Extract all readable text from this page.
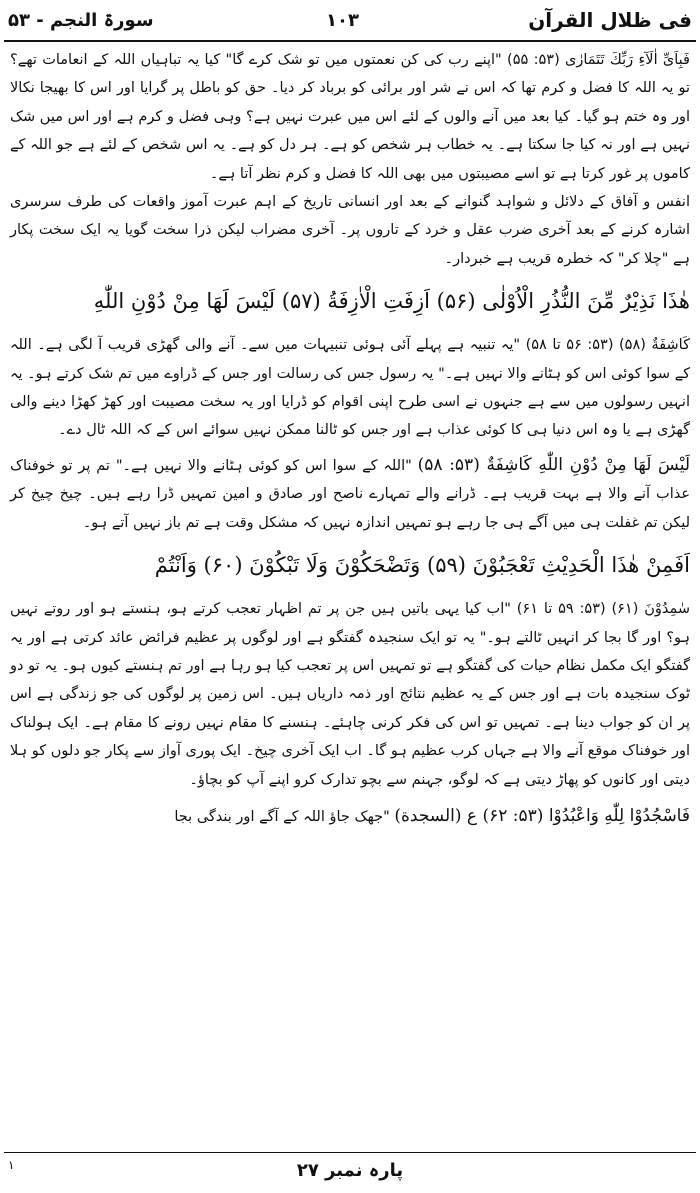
فی ظلال القرآن
۱۰۳
سورۃ النجم - ۵۳

فَبِاَیِّ اٰلَآءِ رَبِّكَ تَتَمَارٰی (۵۳: ۵۵) "اپنے رب کی کن نعمتوں میں تو شک کرے گا" کیا یہ تباہیاں اللہ کے انعامات تھے؟ تو یہ اللہ کا فضل و کرم تھا کہ اس نے شر اور برائی کو برباد کر دیا۔ حق کو باطل پر گرایا اور اس کا بھیجا نکالا اور وہ ختم ہو گیا۔ کیا بعد میں آنے والوں کے لئے اس میں عبرت نہیں ہے؟ وہی فضل و کرم ہے اور اس میں شک نہیں ہے اور نہ کیا جا سکتا ہے۔ یہ خطاب ہر شخص کو ہے۔ ہر دل کو ہے۔ یہ اس شخص کے لئے ہے جو اللہ کے کاموں پر غور کرتا ہے تو اسے مصیبتوں میں بھی اللہ کا فضل و کرم نظر آتا ہے۔

انفس و آفاق کے دلائل و شواہد گنوانے کے بعد اور انسانی تاریخ کے اہم عبرت آموز واقعات کی طرف سرسری اشارہ کرنے کے بعد آخری ضرب عقل و خرد کے تاروں پر۔ آخری مضراب لیکن ذرا سخت گویا یہ ایک سخت پکار ہے "چلا کر" کہ خطرہ قریب ہے خبردار۔

هٰذَا نَذِيْرٌ مِّنَ النُّذُرِ الْاُوْلٰى (۵۶) اَزِفَتِ الْاٰزِفَةُ (۵۷) لَيْسَ لَهَا مِنْ دُوْنِ اللّٰهِ

كَاشِفَةٌ (۵۸) (۵۳: ۵۶ تا ۵۸) "یہ تنبیہ ہے پہلے آئی ہوئی تنبیہات میں سے۔ آنے والی گھڑی قریب آ لگی ہے۔ اللہ کے سوا کوئی اس کو ہٹانے والا نہیں ہے۔" یہ رسول جس کی رسالت اور جس کے ڈراوے میں تم شک کرتے ہو۔ یہ انہیں رسولوں میں سے ہے جنہوں نے اسی طرح اپنی اقوام کو ڈرایا اور یہ سخت مصیبت اور کھڑ کھڑا دینے والی گھڑی ہے یا وہ اس دنیا ہی کا کوئی عذاب ہے اور جس کو ٹالنا ممکن نہیں سوائے اس کے کہ اللہ ٹال دے۔

لَيْسَ لَهَا مِنْ دُوْنِ اللّٰهِ كَاشِفَةٌ (۵۳: ۵۸) "اللہ کے سوا اس کو کوئی ہٹانے والا نہیں ہے۔" تم پر تو خوفناک عذاب آنے والا ہے بہت قریب ہے۔ ڈرانے والے تمہارے ناصح اور صادق و امین تمہیں ڈرا رہے ہیں۔ چیخ چیخ کر لیکن تم غفلت ہی میں آگے ہی جا رہے ہو تمہیں اندازہ نہیں کہ مشکل وقت ہے تم باز نہیں آتے ہو۔

اَفَمِنْ هٰذَا الْحَدِيْثِ تَعْجَبُوْنَ (۵۹) وَتَضْحَكُوْنَ وَلَا تَبْكُوْنَ (۶۰) وَاَنْتُمْ

سٰمِدُوْنَ (۶۱) (۵۳: ۵۹ تا ۶۱) "اب کیا یہی باتیں ہیں جن پر تم اظہار تعجب کرتے ہو، ہنستے ہو اور روتے نہیں ہو؟ اور گا بجا کر انہیں ٹالتے ہو۔" یہ تو ایک سنجیدہ گفتگو ہے اور لوگوں پر عظیم فرائض عائد کرتی ہے اور یہ گفتگو ایک مکمل نظام حیات کی گفتگو ہے تو تمہیں اس پر تعجب کیا ہو رہا ہے اور تم ہنستے کیوں ہو۔ یہ تو دو ٹوک سنجیدہ بات ہے اور جس کے یہ عظیم نتائج اور ذمہ داریاں ہیں۔ اس زمین پر لوگوں کی جو زندگی ہے اس پر ان کو جواب دینا ہے۔ تمہیں تو اس کی فکر کرنی چاہئے۔ ہنسنے کا مقام نہیں رونے کا مقام ہے۔ ایک ہولناک اور خوفناک موقع آنے والا ہے جہاں کرب عظیم ہو گا۔ اب ایک آخری چیخ۔ ایک پوری آواز سے پکار جو دلوں کو ہلا دیتی اور کانوں کو پھاڑ دیتی ہے کہ لوگو، جہنم سے بچو تدارک کرو اپنے آپ کو بچاؤ۔

فَاسْجُدُوْا لِلّٰهِ وَاعْبُدُوْا (۵۳: ۶۲) ع (السجدة) "جھک جاؤ اللہ کے آگے اور بندگی بجا

١	پارہ نمبر ۲۷
